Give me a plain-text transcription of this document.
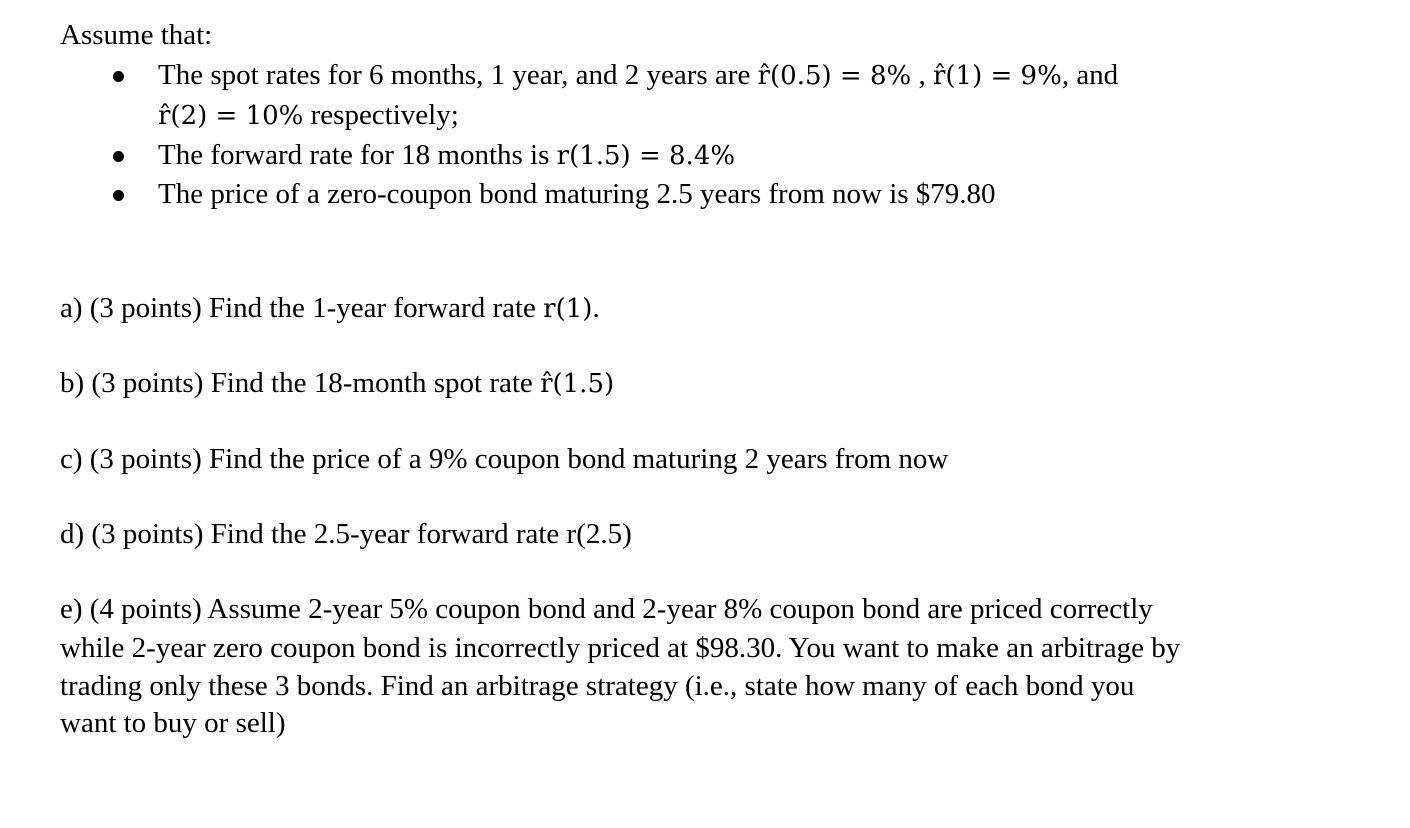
Assume that:
The spot rates for 6 months, 1 year, and 2 years are r̂(0.5) = 8% , r̂(1) = 9%, and
r̂(2) = 10% respectively;
The forward rate for 18 months is r(1.5) = 8.4%
The price of a zero-coupon bond maturing 2.5 years from now is $79.80
a) (3 points) Find the 1-year forward rate r(1).
b) (3 points) Find the 18-month spot rate r̂(1.5)
c) (3 points) Find the price of a 9% coupon bond maturing 2 years from now
d) (3 points) Find the 2.5-year forward rate r(2.5)
e) (4 points) Assume 2-year 5% coupon bond and 2-year 8% coupon bond are priced correctly
while 2-year zero coupon bond is incorrectly priced at $98.30. You want to make an arbitrage by
trading only these 3 bonds. Find an arbitrage strategy (i.e., state how many of each bond you
want to buy or sell)
